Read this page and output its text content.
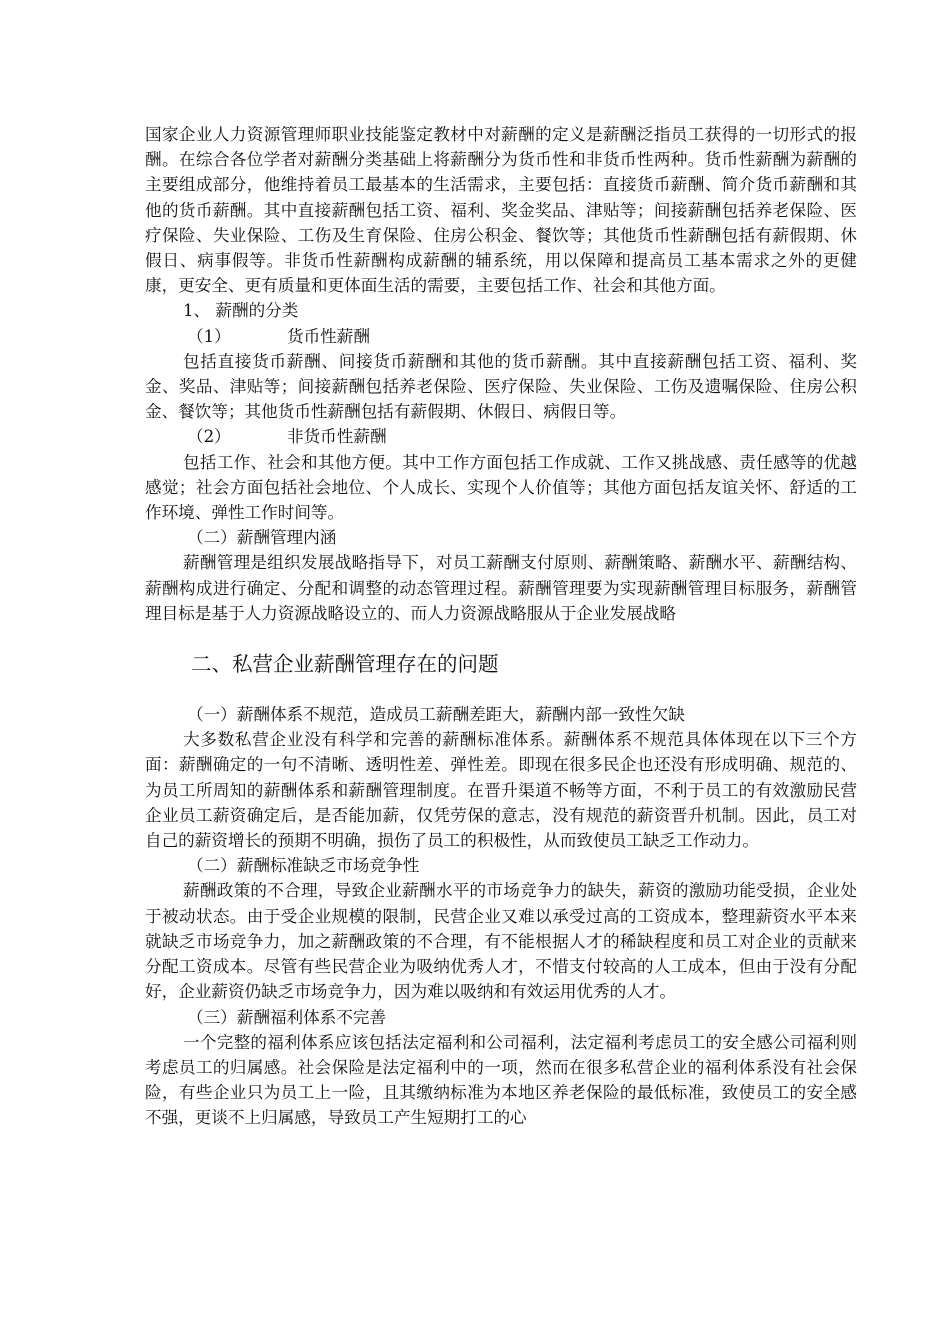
国家企业人力资源管理师职业技能鉴定教材中对薪酬的定义是薪酬泛指员工获得的一切形式的报酬。在综合各位学者对薪酬分类基础上将薪酬分为货币性和非货币性两种。货币性薪酬为薪酬的主要组成部分，他维持着员工最基本的生活需求，主要包括：直接货币薪酬、简介货币薪酬和其他的货币薪酬。其中直接薪酬包括工资、福利、奖金奖品、津贴等；间接薪酬包括养老保险、医疗保险、失业保险、工伤及生育保险、住房公积金、餐饮等；其他货币性薪酬包括有薪假期、休假日、病事假等。非货币性薪酬构成薪酬的辅系统，用以保障和提高员工基本需求之外的更健康，更安全、更有质量和更体面生活的需要，主要包括工作、社会和其他方面。

1、 薪酬的分类

（1）	货币性薪酬

包括直接货币薪酬、间接货币薪酬和其他的货币薪酬。其中直接薪酬包括工资、福利、奖金、奖品、津贴等；间接薪酬包括养老保险、医疗保险、失业保险、工伤及遗嘱保险、住房公积金、餐饮等；其他货币性薪酬包括有薪假期、休假日、病假日等。

（2）	非货币性薪酬

包括工作、社会和其他方便。其中工作方面包括工作成就、工作又挑战感、责任感等的优越感觉；社会方面包括社会地位、个人成长、实现个人价值等；其他方面包括友谊关怀、舒适的工作环境、弹性工作时间等。

（二）薪酬管理内涵

薪酬管理是组织发展战略指导下，对员工薪酬支付原则、薪酬策略、薪酬水平、薪酬结构、薪酬构成进行确定、分配和调整的动态管理过程。薪酬管理要为实现薪酬管理目标服务，薪酬管理目标是基于人力资源战略设立的、而人力资源战略服从于企业发展战略

二、私营企业薪酬管理存在的问题

（一）薪酬体系不规范，造成员工薪酬差距大，薪酬内部一致性欠缺

大多数私营企业没有科学和完善的薪酬标准体系。薪酬体系不规范具体体现在以下三个方面：薪酬确定的一句不清晰、透明性差、弹性差。即现在很多民企也还没有形成明确、规范的、为员工所周知的薪酬体系和薪酬管理制度。在晋升渠道不畅等方面，不利于员工的有效激励民营企业员工薪资确定后，是否能加薪，仅凭劳保的意志，没有规范的薪资晋升机制。因此，员工对自己的薪资增长的预期不明确，损伤了员工的积极性，从而致使员工缺乏工作动力。

（二）薪酬标准缺乏市场竞争性

薪酬政策的不合理，导致企业薪酬水平的市场竞争力的缺失，薪资的激励功能受损，企业处于被动状态。由于受企业规模的限制，民营企业又难以承受过高的工资成本，整理薪资水平本来就缺乏市场竞争力，加之薪酬政策的不合理，有不能根据人才的稀缺程度和员工对企业的贡献来分配工资成本。尽管有些民营企业为吸纳优秀人才，不惜支付较高的人工成本，但由于没有分配好，企业薪资仍缺乏市场竞争力，因为难以吸纳和有效运用优秀的人才。

（三）薪酬福利体系不完善

一个完整的福利体系应该包括法定福利和公司福利，法定福利考虑员工的安全感公司福利则考虑员工的归属感。社会保险是法定福利中的一项，然而在很多私营企业的福利体系没有社会保险，有些企业只为员工上一险，且其缴纳标准为本地区养老保险的最低标准，致使员工的安全感不强，更谈不上归属感，导致员工产生短期打工的心
